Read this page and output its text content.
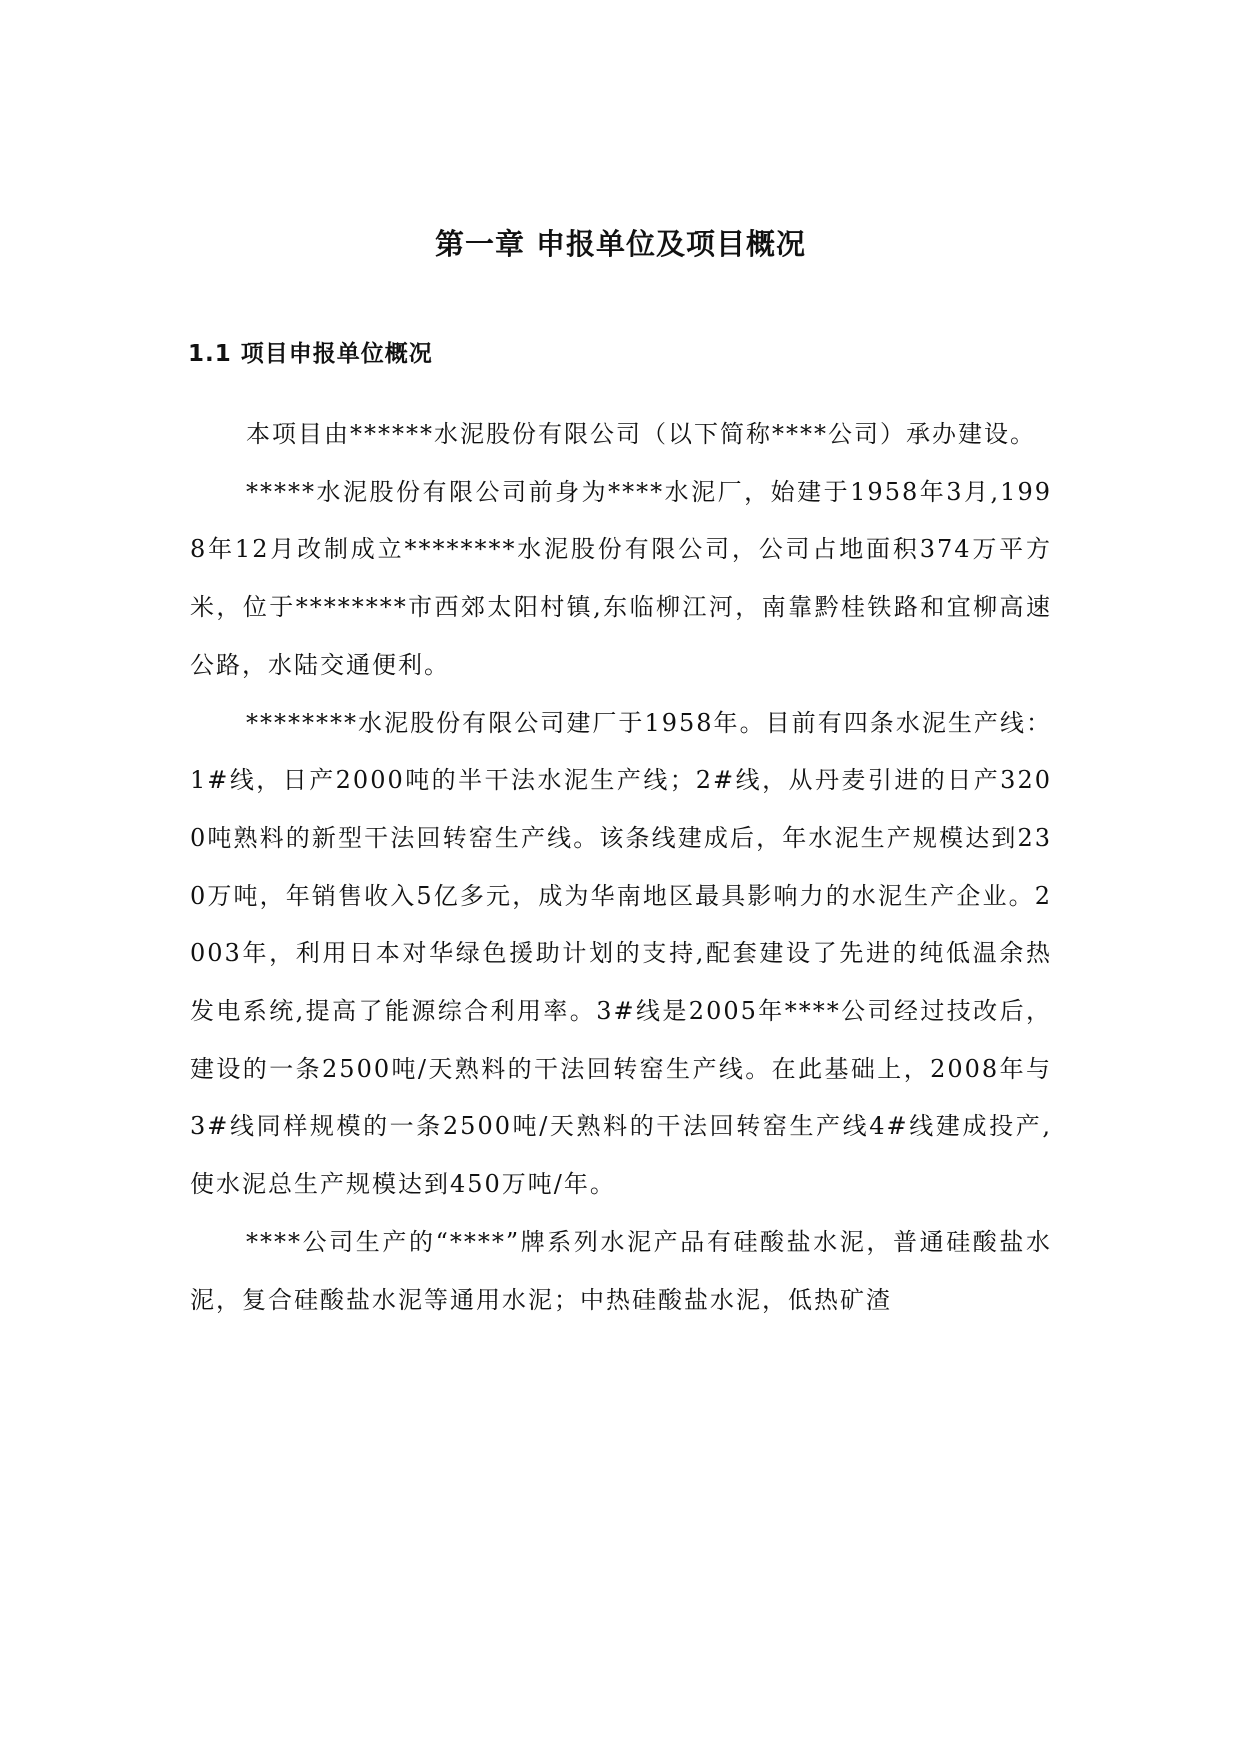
第一章 申报单位及项目概况
1.1 项目申报单位概况

本项目由******水泥股份有限公司（以下简称****公司）承办建设。

*****水泥股份有限公司前身为****水泥厂，始建于1958年3月,1998年12月改制成立********水泥股份有限公司，公司占地面积374万平方米，位于********市西郊太阳村镇,东临柳江河，南靠黔桂铁路和宜柳高速公路，水陆交通便利。

********水泥股份有限公司建厂于1958年。目前有四条水泥生产线：1#线，日产2000吨的半干法水泥生产线；2#线，从丹麦引进的日产3200吨熟料的新型干法回转窑生产线。该条线建成后，年水泥生产规模达到230万吨，年销售收入5亿多元，成为华南地区最具影响力的水泥生产企业。2003年，利用日本对华绿色援助计划的支持,配套建设了先进的纯低温余热发电系统,提高了能源综合利用率。3#线是2005年****公司经过技改后，建设的一条2500吨/天熟料的干法回转窑生产线。在此基础上，2008年与3#线同样规模的一条2500吨/天熟料的干法回转窑生产线4#线建成投产,使水泥总生产规模达到450万吨/年。

****公司生产的“****”牌系列水泥产品有硅酸盐水泥，普通硅酸盐水泥，复合硅酸盐水泥等通用水泥；中热硅酸盐水泥，低热矿渣
